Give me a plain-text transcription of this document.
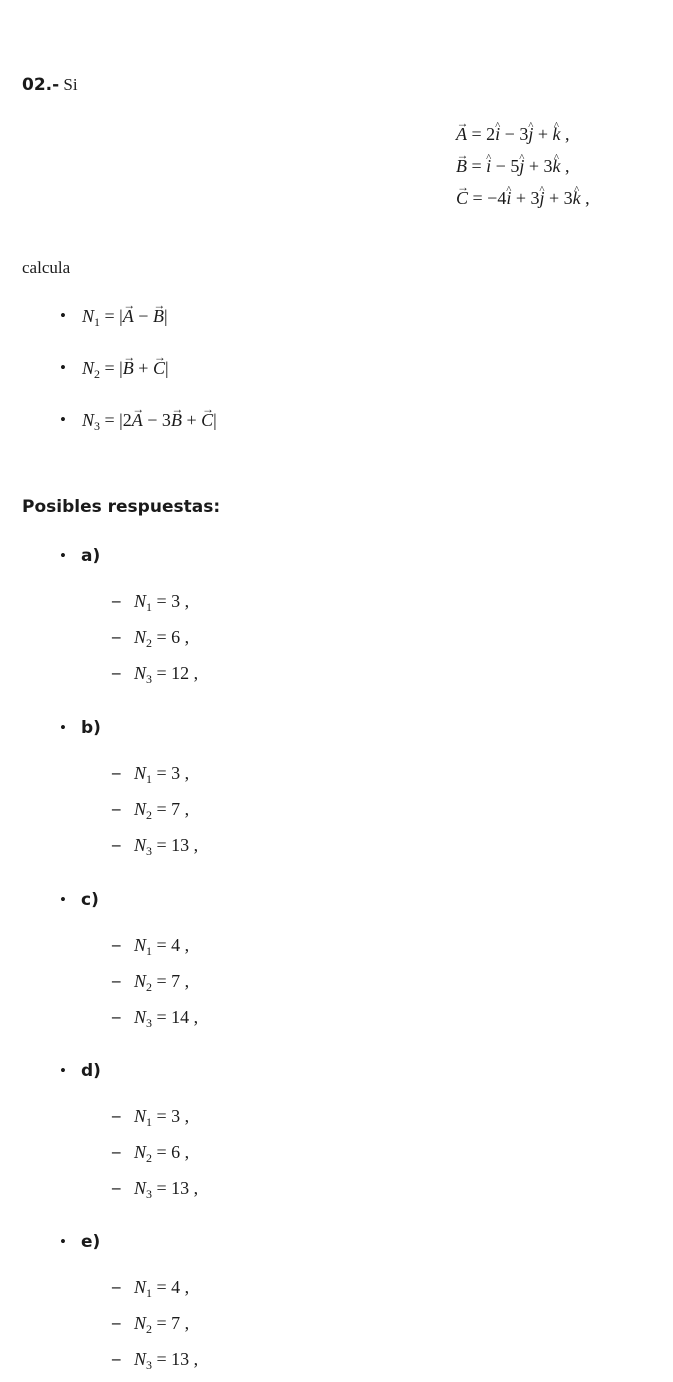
02.- Si
→ A = 2^ i − 3^ j + ^ k ,
→ B = ^ i − 5^ j + 3^ k ,
→ C = −4^ i + 3^ j + 3^ k ,
calcula
• $N_1$ = |→ A − → B|
• $N_2$ = |→ B + → C|
• $N_3 = |2\to A - 3\to B$ + → C|
Posibles respuestas:
• a)
– $N_1 = 3$ ,
– $N_2 = 6$ ,
– $N_3 = 12$ ,
• b)
– $N_1 = 3$ ,
– $N_2 = 7$ ,
– $N_3 = 13$ ,
• c)
– $N_1 = 4$ ,
– $N_2 = 7$ ,
– $N_3 = 14$ ,
• d)
– $N_1 = 3$ ,
– $N_2 = 6$ ,
– $N_3 = 13$ ,
• e)
– $N_1 = 4$ ,
– $N_2 = 7$ ,
– $N_3 = 13$ ,
